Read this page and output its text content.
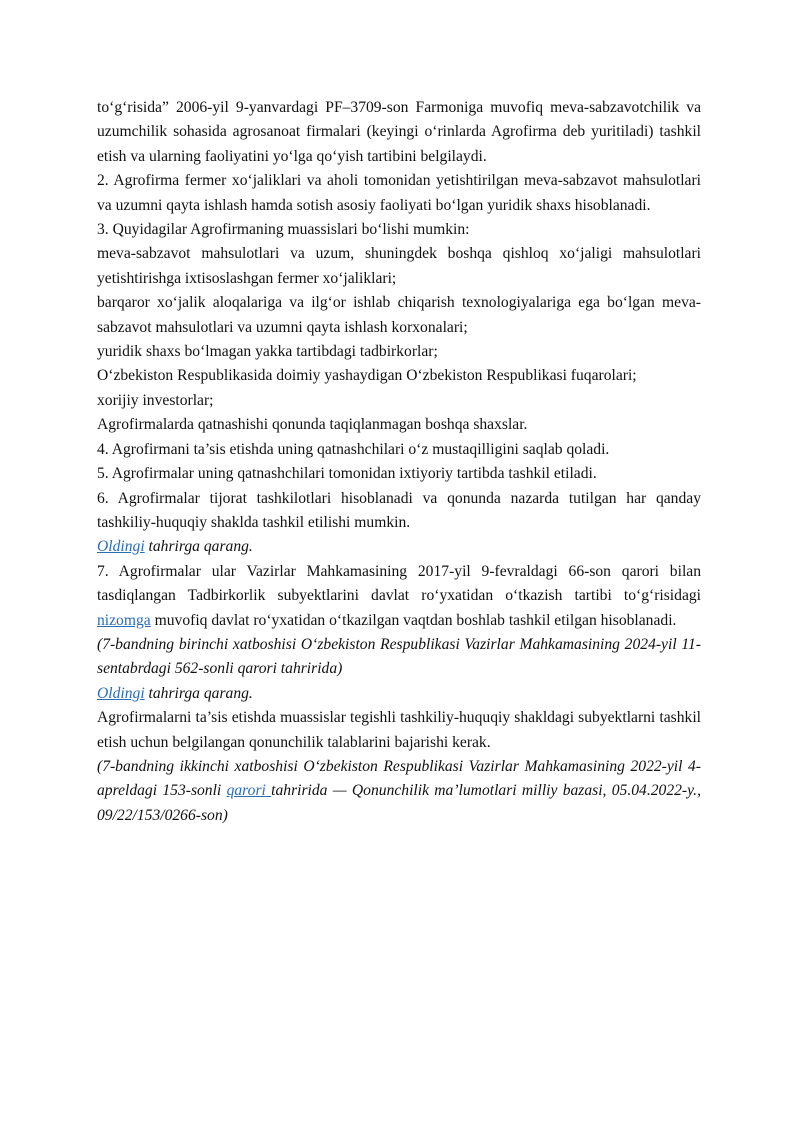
to‘g‘risida” 2006-yil 9-yanvardagi PF–3709-son Farmoniga muvofiq meva-sabzavotchilik va uzumchilik sohasida agrosanoat firmalari (keyingi o‘rinlarda Agrofirma deb yuritiladi) tashkil etish va ularning faoliyatini yo‘lga qo‘yish tartibini belgilaydi.

2. Agrofirma fermer xo‘jaliklari va aholi tomonidan yetishtirilgan meva-sabzavot mahsulotlari va uzumni qayta ishlash hamda sotish asosiy faoliyati bo‘lgan yuridik shaxs hisoblanadi.

3. Quyidagilar Agrofirmaning muassislari bo‘lishi mumkin:

meva-sabzavot mahsulotlari va uzum, shuningdek boshqa qishloq xo‘jaligi mahsulotlari yetishtirishga ixtisoslashgan fermer xo‘jaliklari;

barqaror xo‘jalik aloqalariga va ilg‘or ishlab chiqarish texnologiyalariga ega bo‘lgan meva-sabzavot mahsulotlari va uzumni qayta ishlash korxonalari;

yuridik shaxs bo‘lmagan yakka tartibdagi tadbirkorlar;

O‘zbekiston Respublikasida doimiy yashaydigan O‘zbekiston Respublikasi fuqarolari;

xorijiy investorlar;

Agrofirmalarda qatnashishi qonunda taqiqlanmagan boshqa shaxslar.

4. Agrofirmani ta’sis etishda uning qatnashchilari o‘z mustaqilligini saqlab qoladi.

5. Agrofirmalar uning qatnashchilari tomonidan ixtiyoriy tartibda tashkil etiladi.

6. Agrofirmalar tijorat tashkilotlari hisoblanadi va qonunda nazarda tutilgan har qanday tashkiliy-huquqiy shaklda tashkil etilishi mumkin.

Oldingi tahrirga qarang.

7. Agrofirmalar ular Vazirlar Mahkamasining 2017-yil 9-fevraldagi 66-son qarori bilan tasdiqlangan Tadbirkorlik subyektlarini davlat ro‘yxatidan o‘tkazish tartibi to‘g‘risidagi nizomga muvofiq davlat ro‘yxatidan o‘tkazilgan vaqtdan boshlab tashkil etilgan hisoblanadi.

(7-bandning birinchi xatboshisi O‘zbekiston Respublikasi Vazirlar Mahkamasining 2024-yil 11-sentabrdagi 562-sonli qarori tahririda)

Oldingi tahrirga qarang.

Agrofirmalarni ta’sis etishda muassislar tegishli tashkiliy-huquqiy shakldagi subyektlarni tashkil etish uchun belgilangan qonunchilik talablarini bajarishi kerak.

(7-bandning ikkinchi xatboshisi O‘zbekiston Respublikasi Vazirlar Mahkamasining 2022-yil 4-apreldagi 153-sonli qarori tahririda — Qonunchilik ma’lumotlari milliy bazasi, 05.04.2022-y., 09/22/153/0266-son)
